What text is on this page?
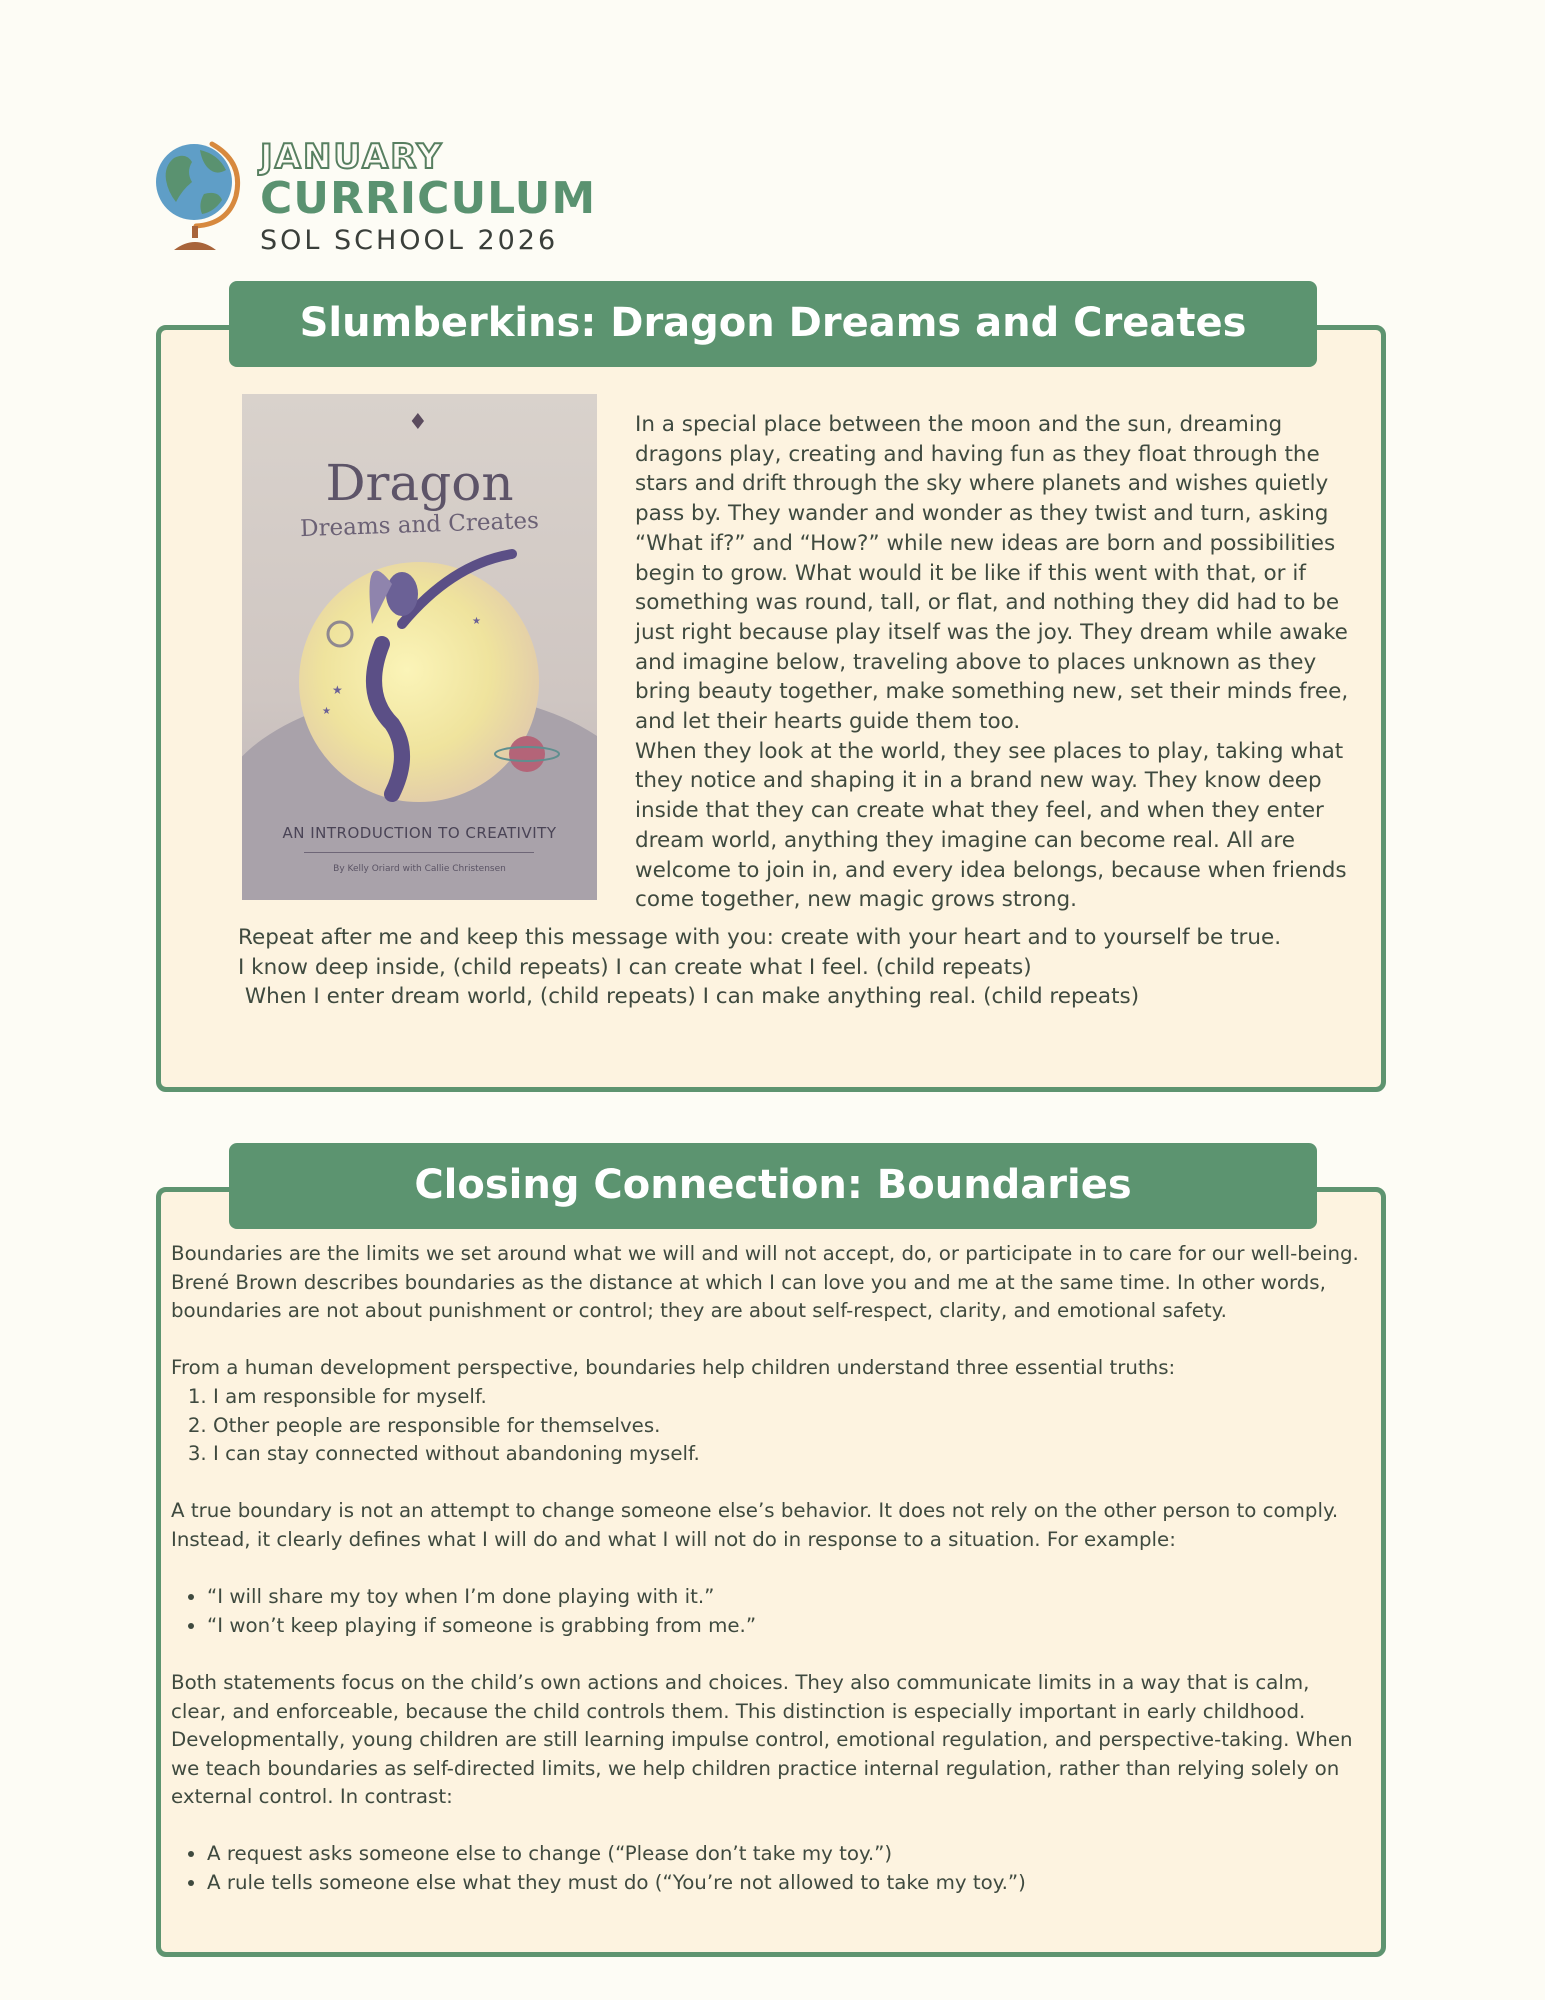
JANUARY
CURRICULUM
SOL SCHOOL 2026
Slumberkins: Dragon Dreams and Creates
★
★
★
♦
Dragon
Dreams and Creates
AN INTRODUCTION TO CREATIVITY
By Kelly Oriard with Callie Christensen

In a special place between the moon and the sun, dreaming dragons play, creating and having fun as they float through the stars and drift through the sky where planets and wishes quietly pass by. They wander and wonder as they twist and turn, asking “What if?” and “How?” while new ideas are born and possibilities begin to grow. What would it be like if this went with that, or if something was round, tall, or flat, and nothing they did had to be just right because play itself was the joy. They dream while awake and imagine below, traveling above to places unknown as they bring beauty together, make something new, set their minds free, and let their hearts guide them too.

When they look at the world, they see places to play, taking what they notice and shaping it in a brand new way. They know deep inside that they can create what they feel, and when they enter dream world, anything they imagine can become real. All are welcome to join in, and every idea belongs, because when friends come together, new magic grows strong.

Repeat after me and keep this message with you: create with your heart and to yourself be true.
I know deep inside, (child repeats) I can create what I feel. (child repeats)
When I enter dream world, (child repeats) I can make anything real. (child repeats)
Closing Connection: Boundaries

Boundaries are the limits we set around what we will and will not accept, do, or participate in to care for our well-being. Brené Brown describes boundaries as the distance at which I can love you and me at the same time. In other words, boundaries are not about punishment or control; they are about self-respect, clarity, and emotional safety.

From a human development perspective, boundaries help children understand three essential truths:

1. I am responsible for myself.
2. Other people are responsible for themselves.
3. I can stay connected without abandoning myself.

A true boundary is not an attempt to change someone else’s behavior. It does not rely on the other person to comply. Instead, it clearly defines what I will do and what I will not do in response to a situation. For example:

• “I will share my toy when I’m done playing with it.”
• “I won’t keep playing if someone is grabbing from me.”

Both statements focus on the child’s own actions and choices. They also communicate limits in a way that is calm, clear, and enforceable, because the child controls them. This distinction is especially important in early childhood. Developmentally, young children are still learning impulse control, emotional regulation, and perspective-taking. When we teach boundaries as self-directed limits, we help children practice internal regulation, rather than relying solely on external control. In contrast:

• A request asks someone else to change (“Please don’t take my toy.”)
• A rule tells someone else what they must do (“You’re not allowed to take my toy.”)
